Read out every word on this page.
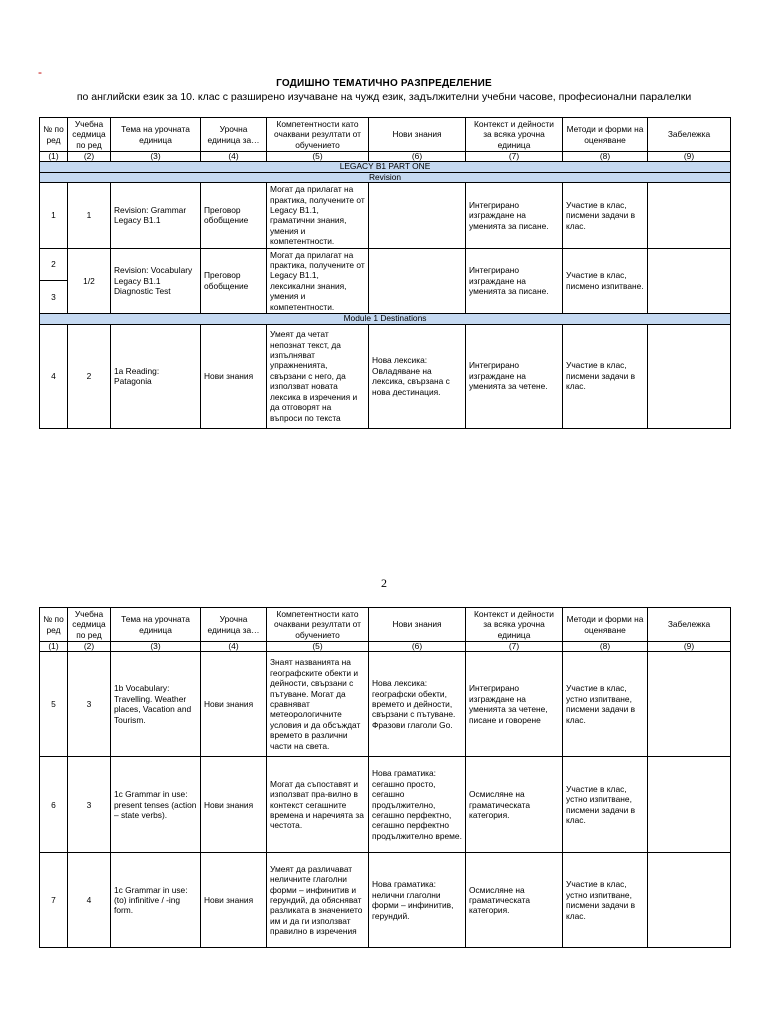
-
ГОДИШНО ТЕМАТИЧНО РАЗПРЕДЕЛЕНИЕ
по английски език за 10. клас с разширено изучаване на чужд език, задължителни учебни часове, професионални паралелки
№ по ред	Учебна седмица по ред	Тема на урочната единица	Урочна единица за…	Компетентности като очаквани резултати от обучението	Нови знания	Контекст и дейности за всяка урочна единица	Методи и форми на оценяване	Забележка
(1)	(2)	(3)	(4)	(5)	(6)	(7)	(8)	(9)
LEGACY B1 PART ONE								
Revision								
1	1	Revision: Grammar Legacy B1.1	Преговор обобщение	Могат да прилагат на практика, получените от Legacy B1.1, граматични знания, умения и компетентности.		Интегрирано изграждане на уменията за писане.	Участие в клас, писмени задачи в клас.	
2	1/2	Revision: Vocabulary Legacy B1.1 Diagnostic Test	Преговор обобщение	Могат да прилагат на практика, получените от Legacy B1.1, лексикални знания, умения и компетентности.		Интегрирано изграждане на уменията за писане.	Участие в клас, писмено изпитване.	
3								
Module 1 Destinations								
4	2	1a Reading: Patagonia	Нови знания	Умеят да четат непознат текст, да изпълняват упражненията, свързани с него, да използват новата лексика в изречения и да отговорят на въпроси по текста	Нова лексика: Овладяване на лексика, свързана с нова дестинация.	Интегрирано изграждане на уменията за четене.	Участие в клас, писмени задачи в клас.	
2
№ по ред	Учебна седмица по ред	Тема на урочната единица	Урочна единица за…	Компетентности като очаквани резултати от обучението	Нови знания	Контекст и дейности за всяка урочна единица	Методи и форми на оценяване	Забележка
(1)	(2)	(3)	(4)	(5)	(6)	(7)	(8)	(9)
5	3	1b Vocabulary: Travelling. Weather places, Vacation and Tourism.	Нови знания	Знаят названията на географските обекти и дейности, свързани с пътуване. Могат да сравняват метеорологичните условия и да обсъждат времето в различни части на света.	Нова лексика: географски обекти, времето и дейности, свързани с пътуване. Фразови глаголи Go.	Интегрирано изграждане на уменията за четене, писане и говорене	Участие в клас, устно изпитване, писмени задачи в клас.	
6	3	1c Grammar in use: present tenses (action – state verbs).	Нови знания	Могат да съпоставят и използват пра-вилно в контекст сегашните времена и наречията за честота.	Нова граматика: сегашно просто, сегашно продължително, сегашно перфектно, сегашно перфектно продължително време.	Осмисляне на граматическата категория.	Участие в клас, устно изпитване, писмени задачи в клас.	
7	4	1c Grammar in use: (to) infinitive / -ing form.	Нови знания	Умеят да различават неличните глаголни форми – инфинитив и герундий, да обясняват разликата в значението им и да ги използват правилно в изречения	Нова граматика: нелични глаголни форми – инфинитив, герундий.	Осмисляне на граматическата категория.	Участие в клас, устно изпитване, писмени задачи в клас.	
